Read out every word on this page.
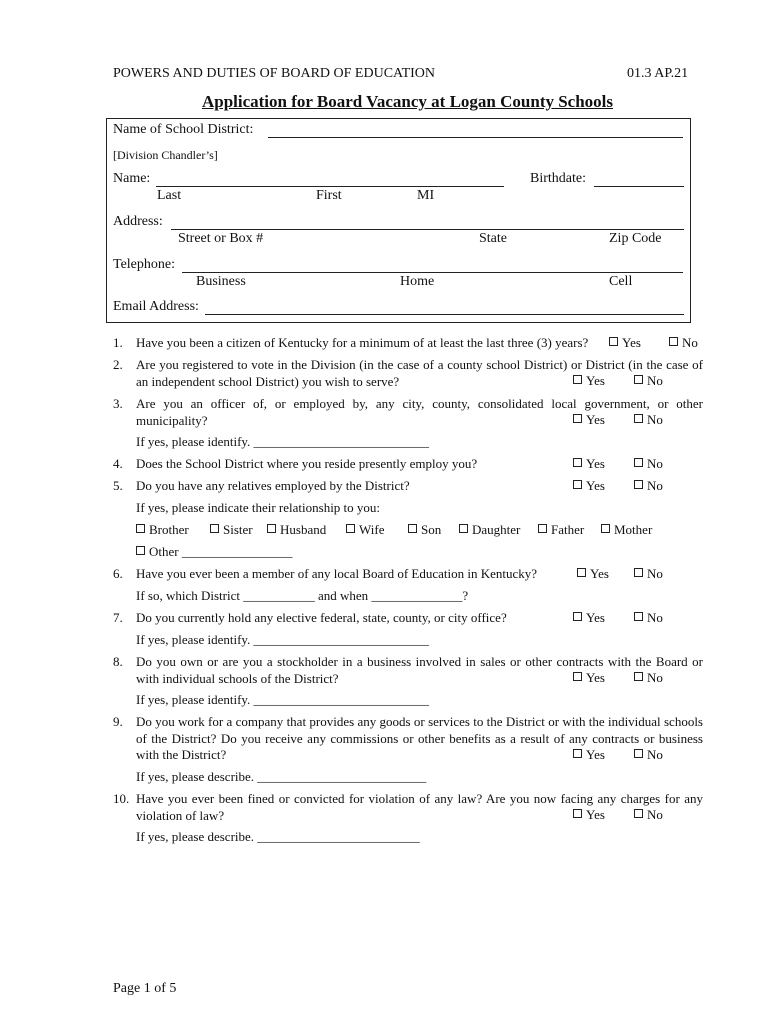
POWERS AND DUTIES OF BOARD OF EDUCATION	01.3 AP.21
Application for Board Vacancy at Logan County Schools
Name of School District:
[Division Chandler’s]
Name:	Birthdate:
Last	First	MI
Address:
Street or Box #	State	Zip Code
Telephone:
Business	Home	Cell
Email Address:
1. Have you been a citizen of Kentucky for a minimum of at least the last three (3) years?	Yes	No
2. Are you registered to vote in the Division (in the case of a county school District) or District (in the case of an independent school District) you wish to serve?	Yes	No
3. Are you an officer of, or employed by, any city, county, consolidated local government, or other municipality?	Yes	No
If yes, please identify. ___________________________
4. Does the School District where you reside presently employ you?	Yes	No
5. Do you have any relatives employed by the District?	Yes	No
If yes, please indicate their relationship to you:
Brother	Sister	Husband	Wife	Son	Daughter	Father	Mother
Other _________________
6. Have you ever been a member of any local Board of Education in Kentucky?	Yes	No
If so, which District ___________ and when ______________?
7. Do you currently hold any elective federal, state, county, or city office?	Yes	No
If yes, please identify. ___________________________
8. Do you own or are you a stockholder in a business involved in sales or other contracts with the Board or with individual schools of the District?	Yes	No
If yes, please identify. ___________________________
9. Do you work for a company that provides any goods or services to the District or with the individual schools of the District? Do you receive any commissions or other benefits as a result of any contracts or business with the District?	Yes	No
If yes, please describe. __________________________
10. Have you ever been fined or convicted for violation of any law? Are you now facing any charges for any violation of law?	Yes	No
If yes, please describe. _________________________
Page 1 of 5
